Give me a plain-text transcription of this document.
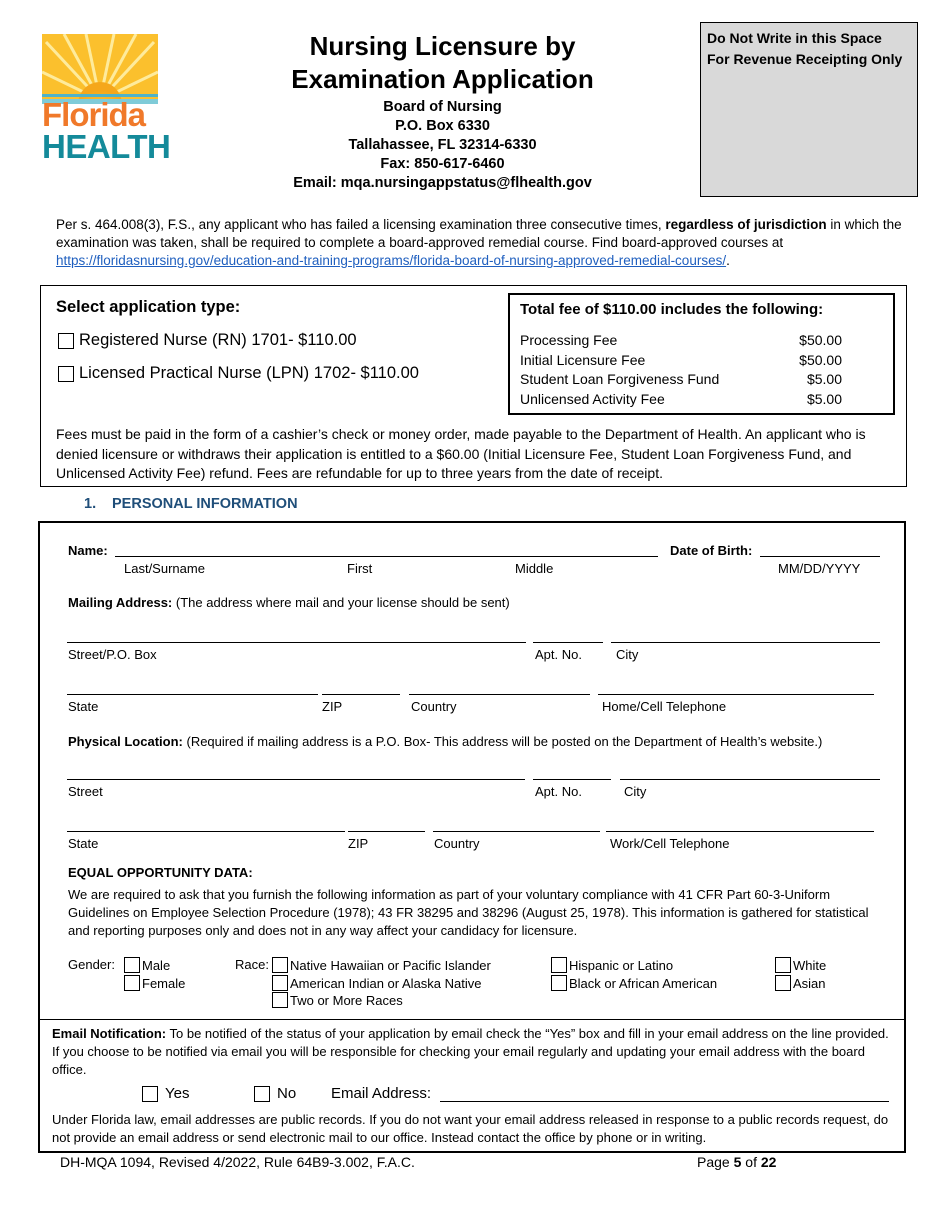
Florida
HEALTH
Nursing Licensure by
Examination Application
Board of Nursing
P.O. Box 6330
Tallahassee, FL 32314-6330
Fax: 850-617-6460
Email: mqa.nursingappstatus@flhealth.gov
Do Not Write in this Space
For Revenue Receipting Only
Per s. 464.008(3), F.S., any applicant who has failed a licensing examination three consecutive times, regardless of jurisdiction in which the examination was taken, shall be required to complete a board-approved remedial course. Find board-approved courses at https://floridasnursing.gov/education-and-training-programs/florida-board-of-nursing-approved-remedial-courses/.
Select application type:
Registered Nurse (RN) 1701- $110.00
Licensed Practical Nurse (LPN) 1702- $110.00
Total fee of $110.00 includes the following:
Processing Fee	$50.00
Initial Licensure Fee	$50.00
Student Loan Forgiveness Fund	$5.00
Unlicensed Activity Fee	$5.00
Fees must be paid in the form of a cashier’s check or money order, made payable to the Department of Health. An applicant who is denied licensure or withdraws their application is entitled to a $60.00 (Initial Licensure Fee, Student Loan Forgiveness Fund, and Unlicensed Activity Fee) refund. Fees are refundable for up to three years from the date of receipt.
1. PERSONAL INFORMATION
Name:	Date of Birth:
Last/Surname	First	Middle	MM/DD/YYYY
Mailing Address: (The address where mail and your license should be sent)
Street/P.O. Box	Apt. No.	City
State	ZIP	Country	Home/Cell Telephone
Physical Location: (Required if mailing address is a P.O. Box- This address will be posted on the Department of Health’s website.)
Street	Apt. No.	City
State	ZIP	Country	Work/Cell Telephone
EQUAL OPPORTUNITY DATA:
We are required to ask that you furnish the following information as part of your voluntary compliance with 41 CFR Part 60-3-Uniform Guidelines on Employee Selection Procedure (1978); 43 FR 38295 and 38296 (August 25, 1978). This information is gathered for statistical and reporting purposes only and does not in any way affect your candidacy for licensure.
Gender: Male
Female
Race: Native Hawaiian or Pacific Islander
American Indian or Alaska Native
Two or More Races
Hispanic or Latino
Black or African American
White
Asian
Email Notification: To be notified of the status of your application by email check the “Yes” box and fill in your email address on the line provided. If you choose to be notified via email you will be responsible for checking your email regularly and updating your email address with the board office.
Yes	No Email Address:
Under Florida law, email addresses are public records. If you do not want your email address released in response to a public records request, do not provide an email address or send electronic mail to our office. Instead contact the office by phone or in writing.
DH-MQA 1094, Revised 4/2022, Rule 64B9-3.002, F.A.C.	Page 5 of 22
